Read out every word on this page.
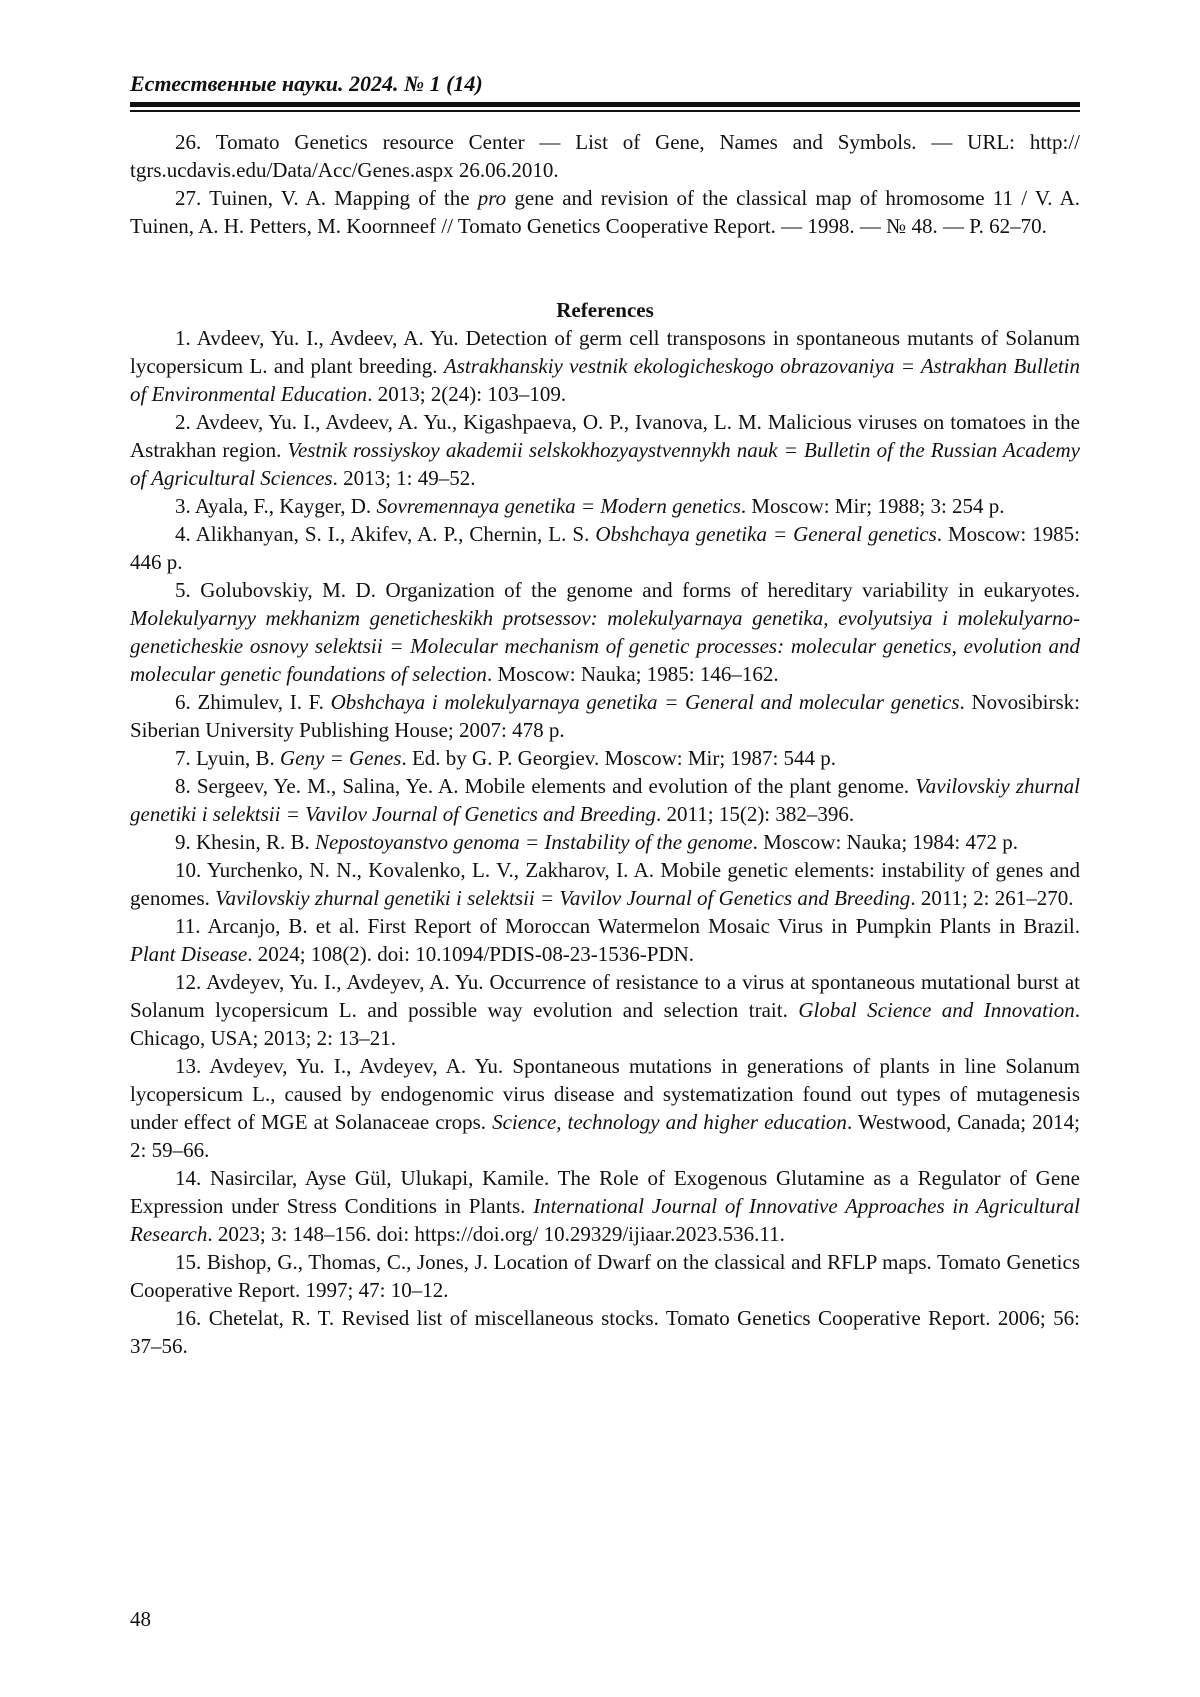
Естественные науки. 2024. № 1 (14)

26. Tomato Genetics resource Center — List of Gene, Names and Symbols. — URL: http:// tgrs.ucdavis.edu/Data/Acc/Genes.aspx 26.06.2010.

27. Tuinen, V. A. Mapping of the pro gene and revision of the classical map of hromosome 11 / V. A. Tuinen, A. H. Petters, M. Koornneef // Tomato Genetics Cooperative Report. — 1998. — № 48. — P. 62–70.

References

1. Avdeev, Yu. I., Avdeev, A. Yu. Detection of germ cell transposons in spontaneous mutants of Solanum lycopersicum L. and plant breeding. Astrakhanskiy vestnik ekologicheskogo obrazovaniya = Astrakhan Bulletin of Environmental Education. 2013; 2(24): 103–109.

2. Avdeev, Yu. I., Avdeev, A. Yu., Kigashpaeva, O. P., Ivanova, L. M. Malicious viruses on tomatoes in the Astrakhan region. Vestnik rossiyskoy akademii selskokhozyaystvennykh nauk = Bulletin of the Russian Academy of Agricultural Sciences. 2013; 1: 49–52.

3. Ayala, F., Kayger, D. Sovremennaya genetika = Modern genetics. Moscow: Mir; 1988; 3: 254 p.

4. Alikhanyan, S. I., Akifev, A. P., Chernin, L. S. Obshchaya genetika = General genetics. Moscow: 1985: 446 p.

5. Golubovskiy, M. D. Organization of the genome and forms of hereditary variability in eukaryotes. Molekulyarnyy mekhanizm geneticheskikh protsessov: molekulyarnaya genetika, evolyutsiya i molekulyarno-geneticheskie osnovy selektsii = Molecular mechanism of genetic processes: molecular genetics, evolution and molecular genetic foundations of selection. Moscow: Nauka; 1985: 146–162.

6. Zhimulev, I. F. Obshchaya i molekulyarnaya genetika = General and molecular genetics. Novosibirsk: Siberian University Publishing House; 2007: 478 p.

7. Lyuin, B. Geny = Genes. Ed. by G. P. Georgiev. Moscow: Mir; 1987: 544 p.

8. Sergeev, Ye. M., Salina, Ye. A. Mobile elements and evolution of the plant genome. Vavilovskiy zhurnal genetiki i selektsii = Vavilov Journal of Genetics and Breeding. 2011; 15(2): 382–396.

9. Khesin, R. B. Nepostoyanstvo genoma = Instability of the genome. Moscow: Nauka; 1984: 472 p.

10. Yurchenko, N. N., Kovalenko, L. V., Zakharov, I. A. Mobile genetic elements: instability of genes and genomes. Vavilovskiy zhurnal genetiki i selektsii = Vavilov Journal of Genetics and Breeding. 2011; 2: 261–270.

11. Arcanjo, B. et al. First Report of Moroccan Watermelon Mosaic Virus in Pumpkin Plants in Brazil. Plant Disease. 2024; 108(2). doi: 10.1094/PDIS-08-23-1536-PDN.

12. Avdeyev, Yu. I., Avdeyev, A. Yu. Occurrence of resistance to a virus at spontaneous mutational burst at Solanum lycopersicum L. and possible way evolution and selection trait. Global Science and Innovation. Chicago, USA; 2013; 2: 13–21.

13. Avdeyev, Yu. I., Avdeyev, A. Yu. Spontaneous mutations in generations of plants in line Solanum lycopersicum L., caused by endogenomic virus disease and systematization found out types of mutagenesis under effect of MGE at Solanaceae crops. Science, technology and higher education. Westwood, Canada; 2014; 2: 59–66.

14. Nasircilar, Ayse Gül, Ulukapi, Kamile. The Role of Exogenous Glutamine as a Regulator of Gene Expression under Stress Conditions in Plants. International Journal of Innovative Approaches in Agricultural Research. 2023; 3: 148–156. doi: https://doi.org/ 10.29329/ijiaar.2023.536.11.

15. Bishop, G., Thomas, C., Jones, J. Location of Dwarf on the classical and RFLP maps. Tomato Genetics Cooperative Report. 1997; 47: 10–12.

16. Chetelat, R. T. Revised list of miscellaneous stocks. Tomato Genetics Cooperative Report. 2006; 56: 37–56.

48
